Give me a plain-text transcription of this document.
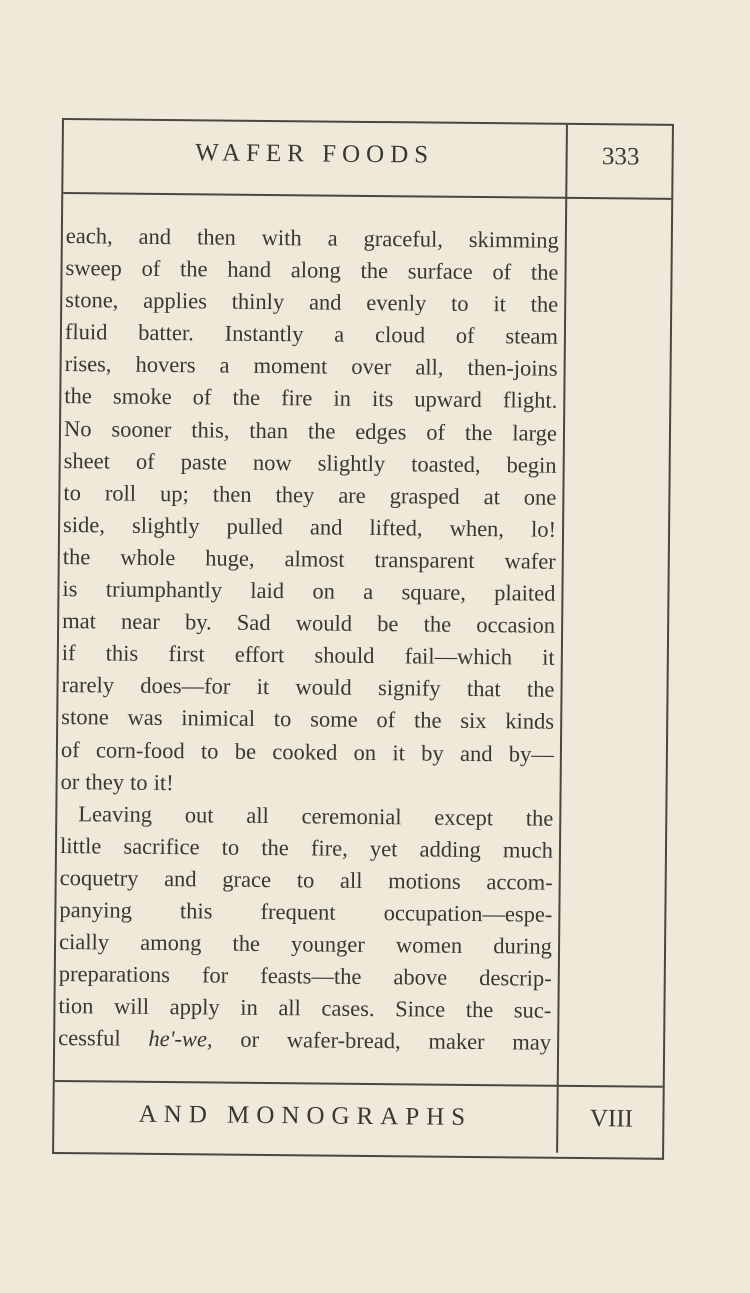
WAFER FOODS	333
each, and then with a graceful, skimming
sweep of the hand along the surface of the
stone, applies thinly and evenly to it the
fluid batter. Instantly a cloud of steam
rises, hovers a moment over all, then-joins
the smoke of the fire in its upward flight.
No sooner this, than the edges of the large
sheet of paste now slightly toasted, begin
to roll up; then they are grasped at one
side, slightly pulled and lifted, when, lo!
the whole huge, almost transparent wafer
is triumphantly laid on a square, plaited
mat near by. Sad would be the occasion
if this first effort should fail—which it
rarely does—for it would signify that the
stone was inimical to some of the six kinds
of corn-food to be cooked on it by and by—
or they to it!
Leaving out all ceremonial except the
little sacrifice to the fire, yet adding much
coquetry and grace to all motions accom-
panying this frequent occupation—espe-
cially among the younger women during
preparations for feasts—the above descrip-
tion will apply in all cases. Since the suc-
cessful he'-we, or wafer-bread, maker may
AND MONOGRAPHS	VIII
